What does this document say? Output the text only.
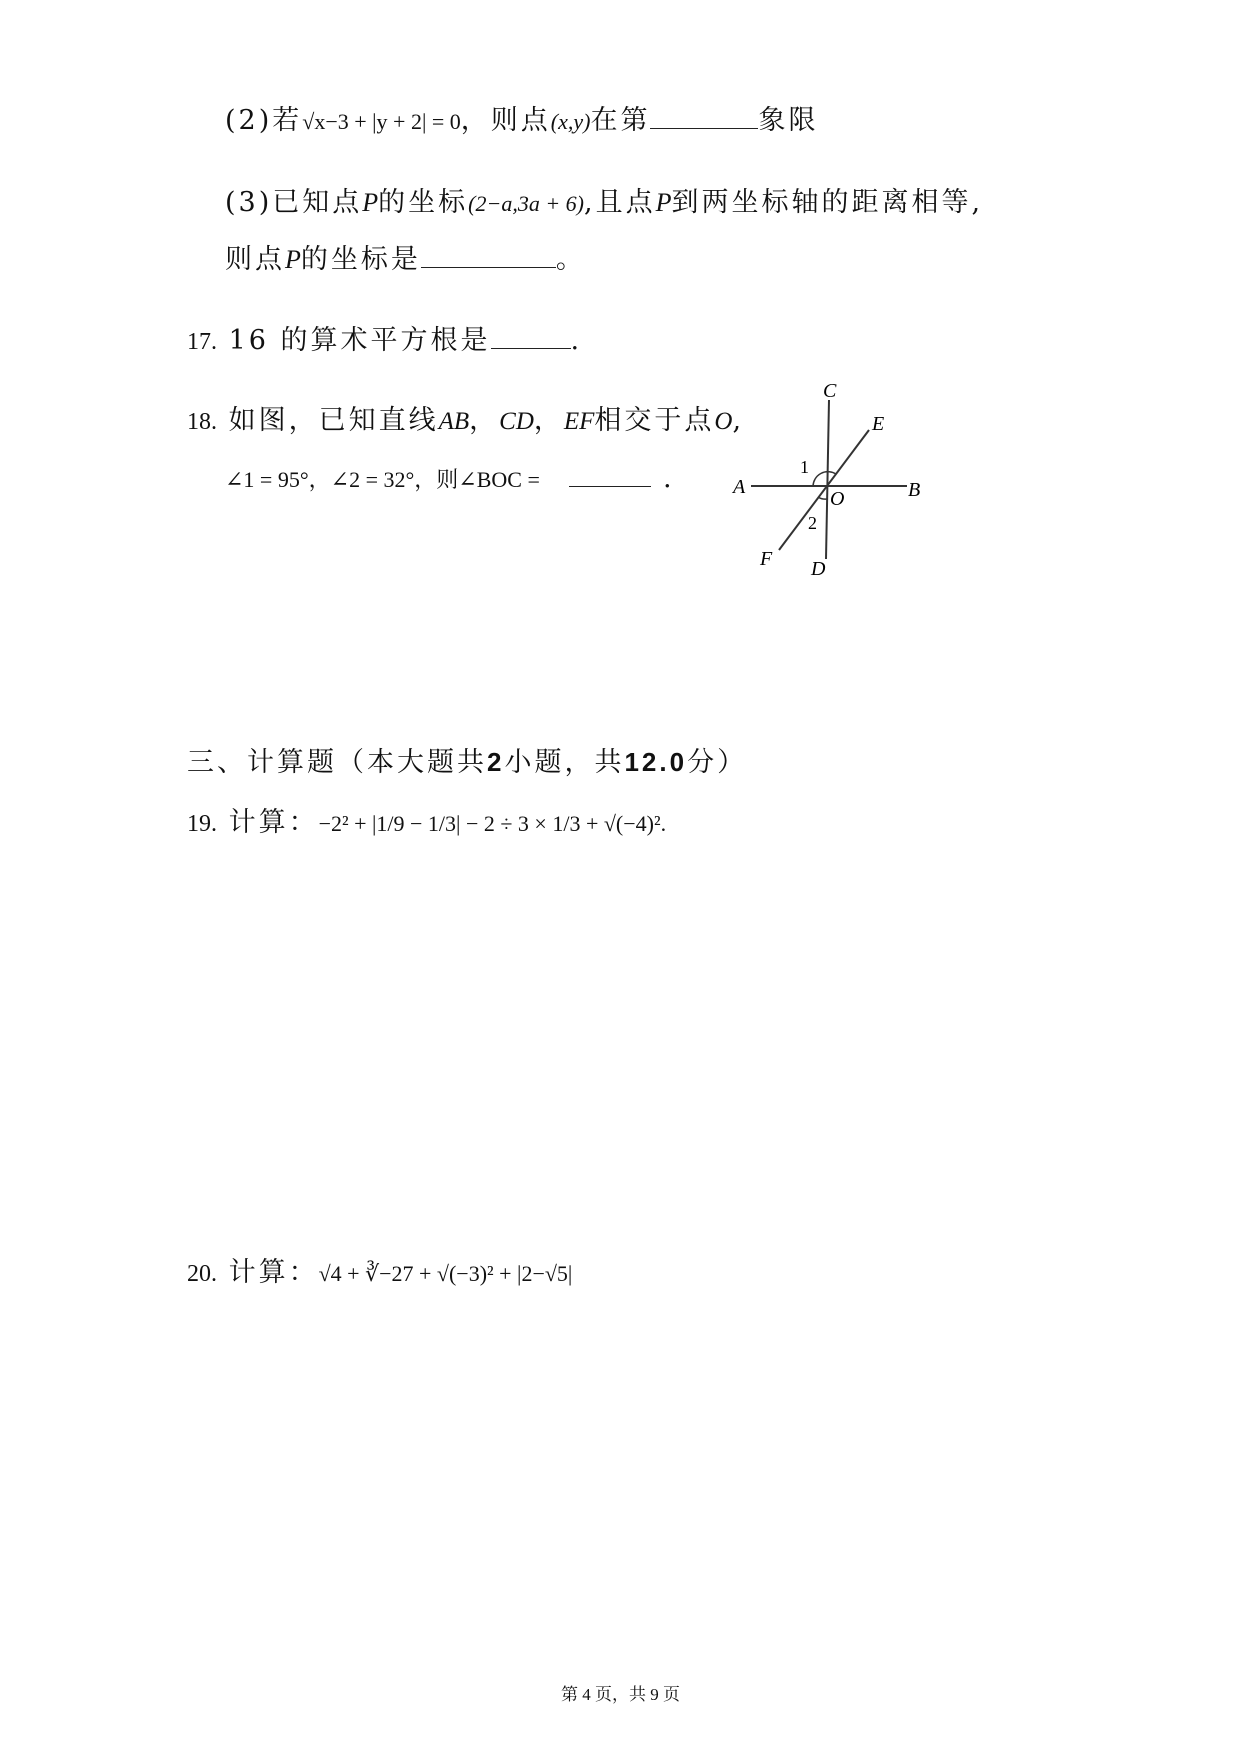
(2)若√x−3 + |y + 2| = 0，则点(x,y)在第	象限
(3)已知点P的坐标(2−a,3a + 6),且点P到两坐标轴的距离相等,
则点P的坐标是	。
17. 16 的算术平方根是	.
18. 如图，已知直线AB，CD，EF相交于点O,
∠1 = 95°，∠2 = 32°，则∠BOC =	.
C
E
A	B
O
1
2
F D
三、计算题（本大题共2小题，共12.0分）
19. 计算：−2² + |1/9 − 1/3| − 2 ÷ 3 × 1/3 + √(−4)².
20. 计算：√4 + ∛−27 + √(−3)² + |2−√5|
第 4 页，共 9 页
